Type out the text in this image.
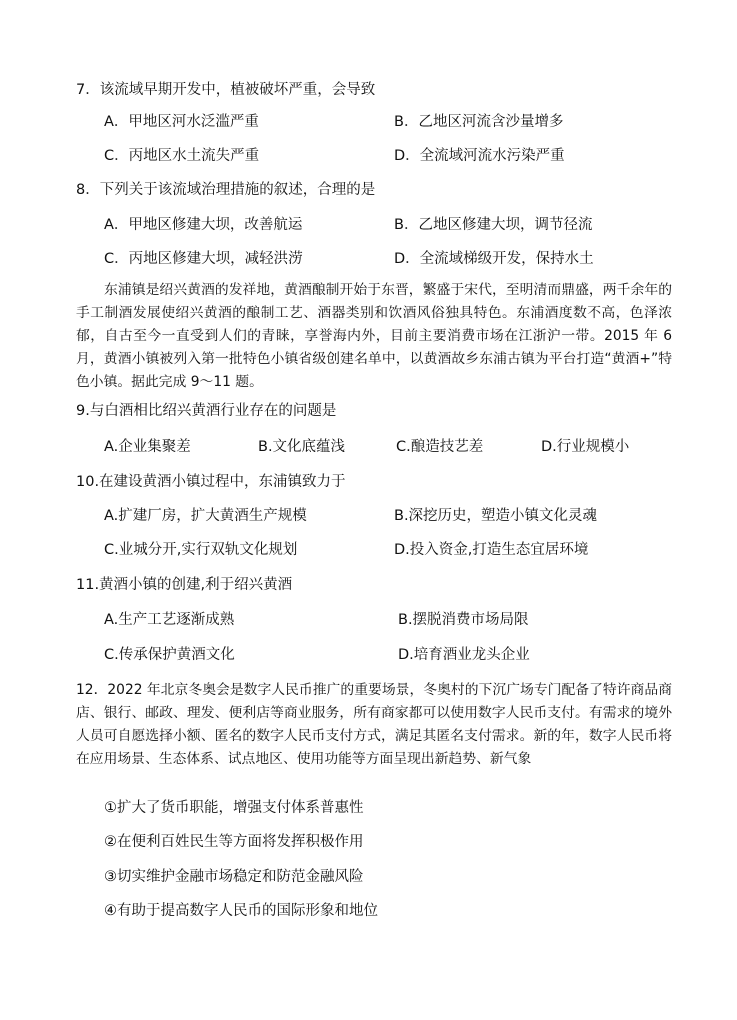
7．该流域早期开发中，植被破坏严重，会导致
A．甲地区河水泛滥严重	B．乙地区河流含沙量增多
C．丙地区水土流失严重	D．全流域河流水污染严重
8．下列关于该流域治理措施的叙述，合理的是
A．甲地区修建大坝，改善航运	B．乙地区修建大坝，调节径流
C．丙地区修建大坝，减轻洪涝	D．全流域梯级开发，保持水土
东浦镇是绍兴黄酒的发祥地，黄酒酿制开始于东晋，繁盛于宋代，至明清而鼎盛，两千余年的手工制酒发展使绍兴黄酒的酿制工艺、酒器类别和饮酒风俗独具特色。东浦酒度数不高，色泽浓郁，自古至今一直受到人们的青睐，享誉海内外，目前主要消费市场在江浙沪一带。2015 年 6 月，黄酒小镇被列入第一批特色小镇省级创建名单中，以黄酒故乡东浦古镇为平台打造“黄酒+”特色小镇。据此完成 9～11 题。
9.与白酒相比绍兴黄酒行业存在的问题是
A.企业集聚差	B.文化底蕴浅	C.酿造技艺差	D.行业规模小
10.在建设黄酒小镇过程中，东浦镇致力于
A.扩建厂房，扩大黄酒生产规模	B.深挖历史，塑造小镇文化灵魂
C.业城分开,实行双轨文化规划	D.投入资金,打造生态宜居环境
11.黄酒小镇的创建,利于绍兴黄酒
A.生产工艺逐渐成熟	B.摆脱消费市场局限
C.传承保护黄酒文化	D.培育酒业龙头企业
12．2022 年北京冬奥会是数字人民币推广的重要场景，冬奥村的下沉广场专门配备了特许商品商店、银行、邮政、理发、便利店等商业服务，所有商家都可以使用数字人民币支付。有需求的境外人员可自愿选择小额、匿名的数字人民币支付方式，满足其匿名支付需求。新的年，数字人民币将在应用场景、生态体系、试点地区、使用功能等方面呈现出新趋势、新气象
①扩大了货币职能，增强支付体系普惠性
②在便利百姓民生等方面将发挥积极作用
③切实维护金融市场稳定和防范金融风险
④有助于提高数字人民币的国际形象和地位
